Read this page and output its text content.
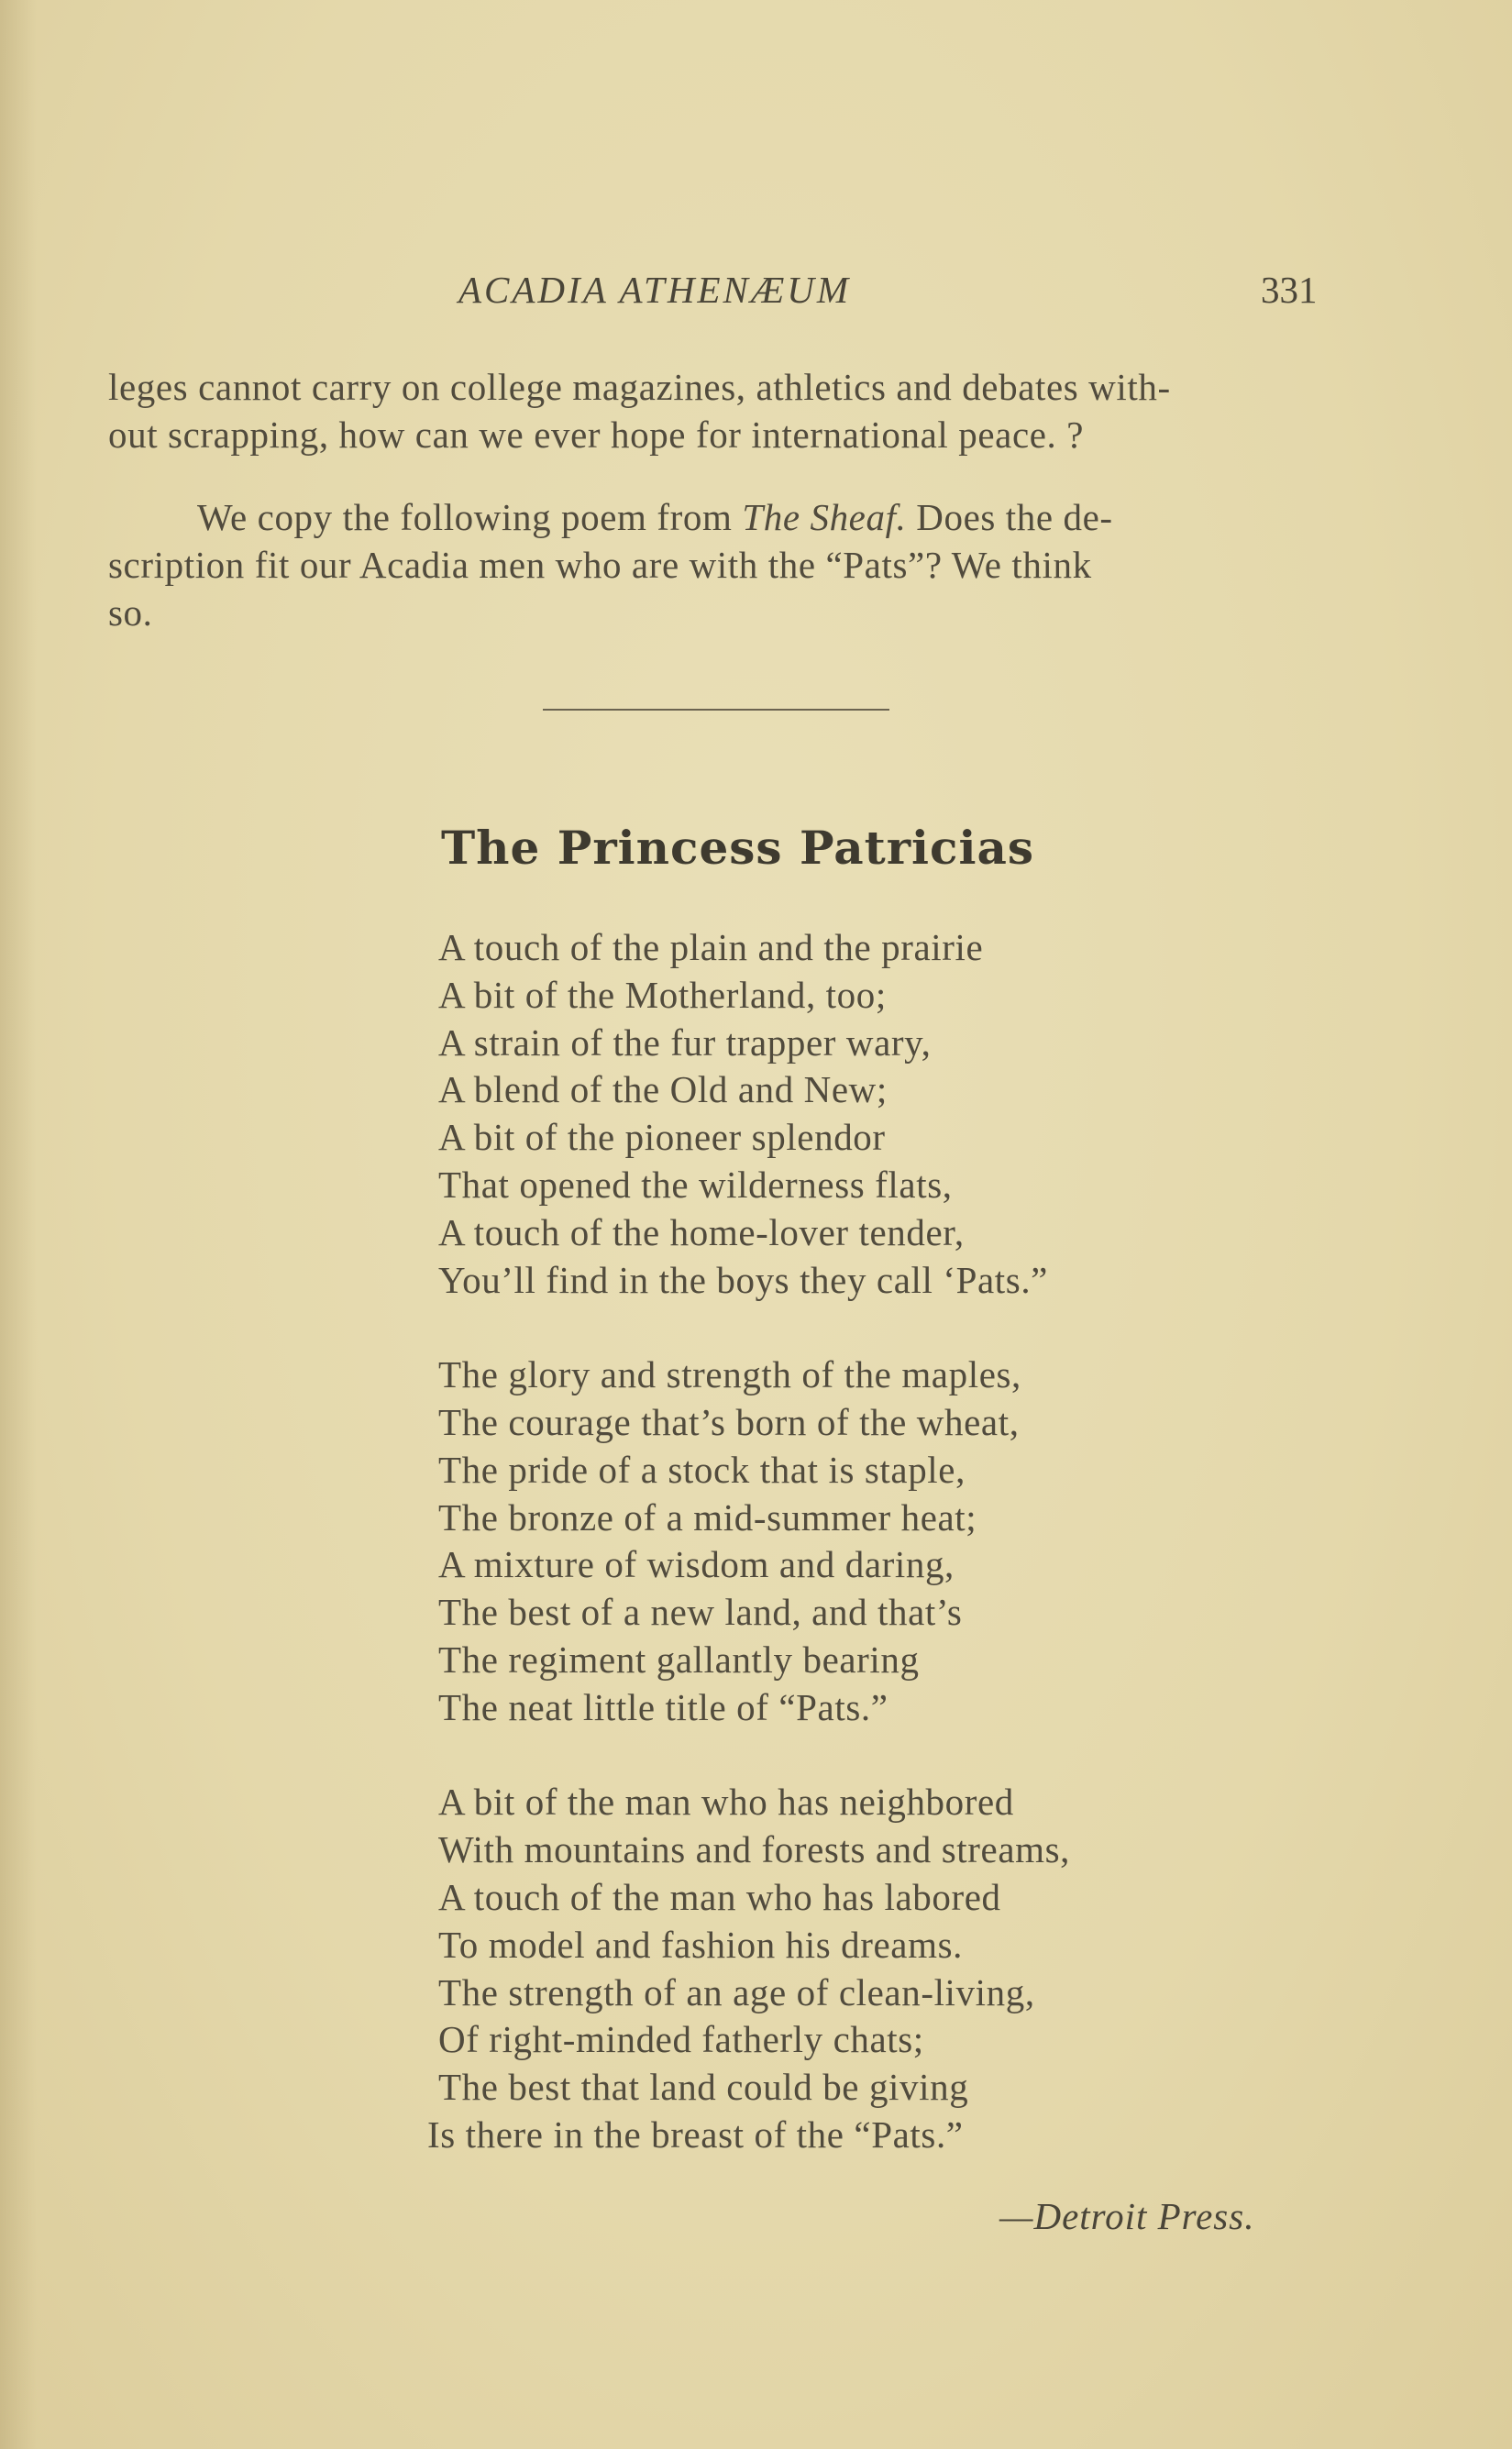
ACADIA ATHENÆUM	331
leges cannot carry on college magazines, athletics and debates with-
out scrapping, how can we ever hope for international peace. ?
We copy the following poem from The Sheaf. Does the de-
scription fit our Acadia men who are with the “Pats”? We think
so.
The Princess Patricias
A touch of the plain and the prairie
A bit of the Motherland, too;
A strain of the fur trapper wary,
A blend of the Old and New;
A bit of the pioneer splendor
That opened the wilderness flats,
A touch of the home-lover tender,
You’ll find in the boys they call ‘Pats.”
The glory and strength of the maples,
The courage that’s born of the wheat,
The pride of a stock that is staple,
The bronze of a mid-summer heat;
A mixture of wisdom and daring,
The best of a new land, and that’s
The regiment gallantly bearing
The neat little title of “Pats.”
A bit of the man who has neighbored
With mountains and forests and streams,
A touch of the man who has labored
To model and fashion his dreams.
The strength of an age of clean-living,
Of right-minded fatherly chats;
The best that land could be giving
Is there in the breast of the “Pats.”
—Detroit Press.
